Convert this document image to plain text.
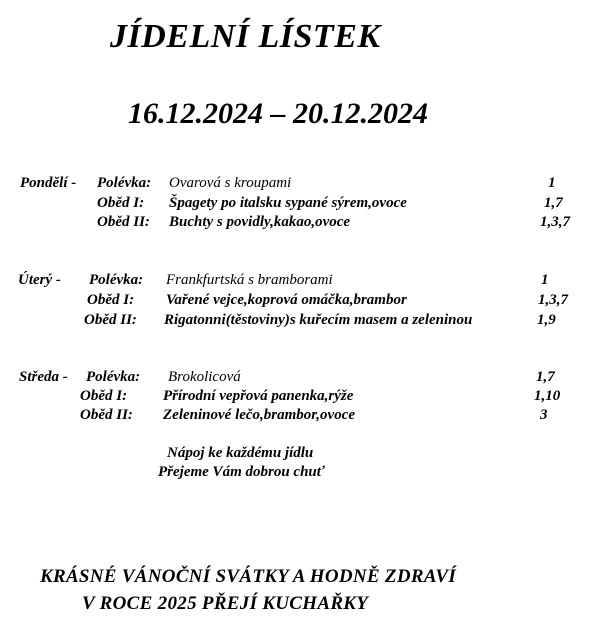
JÍDELNÍ LÍSTEK
16.12.2024 – 20.12.2024
Pondělí - Polévka: Ovarová s kroupami	1
Oběd I: Špagety po italsku sypané sýrem,ovoce	1,7
Oběd II: Buchty s povidly,kakao,ovoce	1,3,7
Úterý - Polévka: Frankfurtská s bramborami	1
Oběd I: Vařené vejce,koprová omáčka,brambor	1,3,7
Oběd II: Rigatonni(těstoviny)s kuřecím masem a zeleninou	1,9
Středa - Polévka: Brokolicová	1,7
Oběd I: Přírodní vepřová panenka,rýže	1,10
Oběd II: Zeleninové lečo,brambor,ovoce	3
Nápoj ke každému jídlu
Přejeme Vám dobrou chuť
KRÁSNÉ VÁNOČNÍ SVÁTKY A HODNĚ ZDRAVÍ
V ROCE 2025 PŘEJÍ KUCHAŘKY
